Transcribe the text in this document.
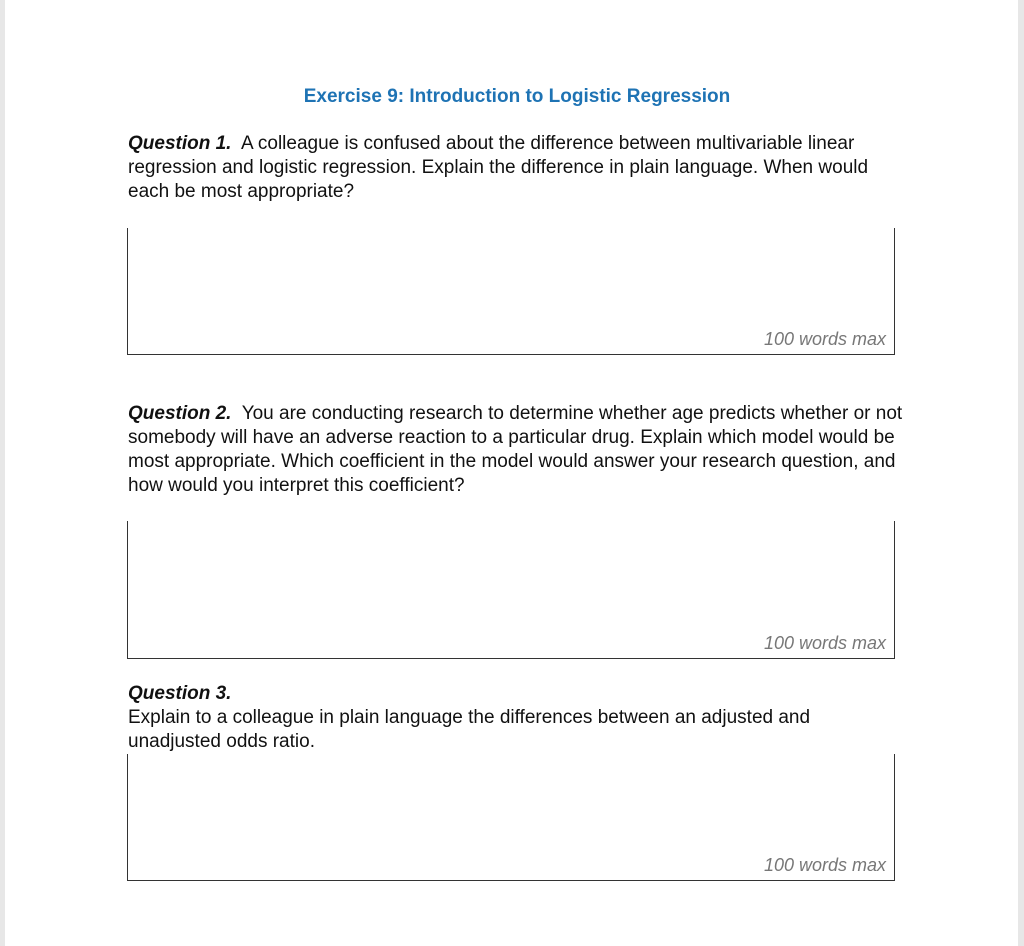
Exercise 9: Introduction to Logistic Regression
Question 1. A colleague is confused about the difference between multivariable linear regression and logistic regression. Explain the difference in plain language. When would each be most appropriate?
100 words max
Question 2. You are conducting research to determine whether age predicts whether or not somebody will have an adverse reaction to a particular drug. Explain which model would be most appropriate. Which coefficient in the model would answer your research question, and how would you interpret this coefficient?
100 words max
Question 3.
Explain to a colleague in plain language the differences between an adjusted and unadjusted odds ratio.
100 words max
